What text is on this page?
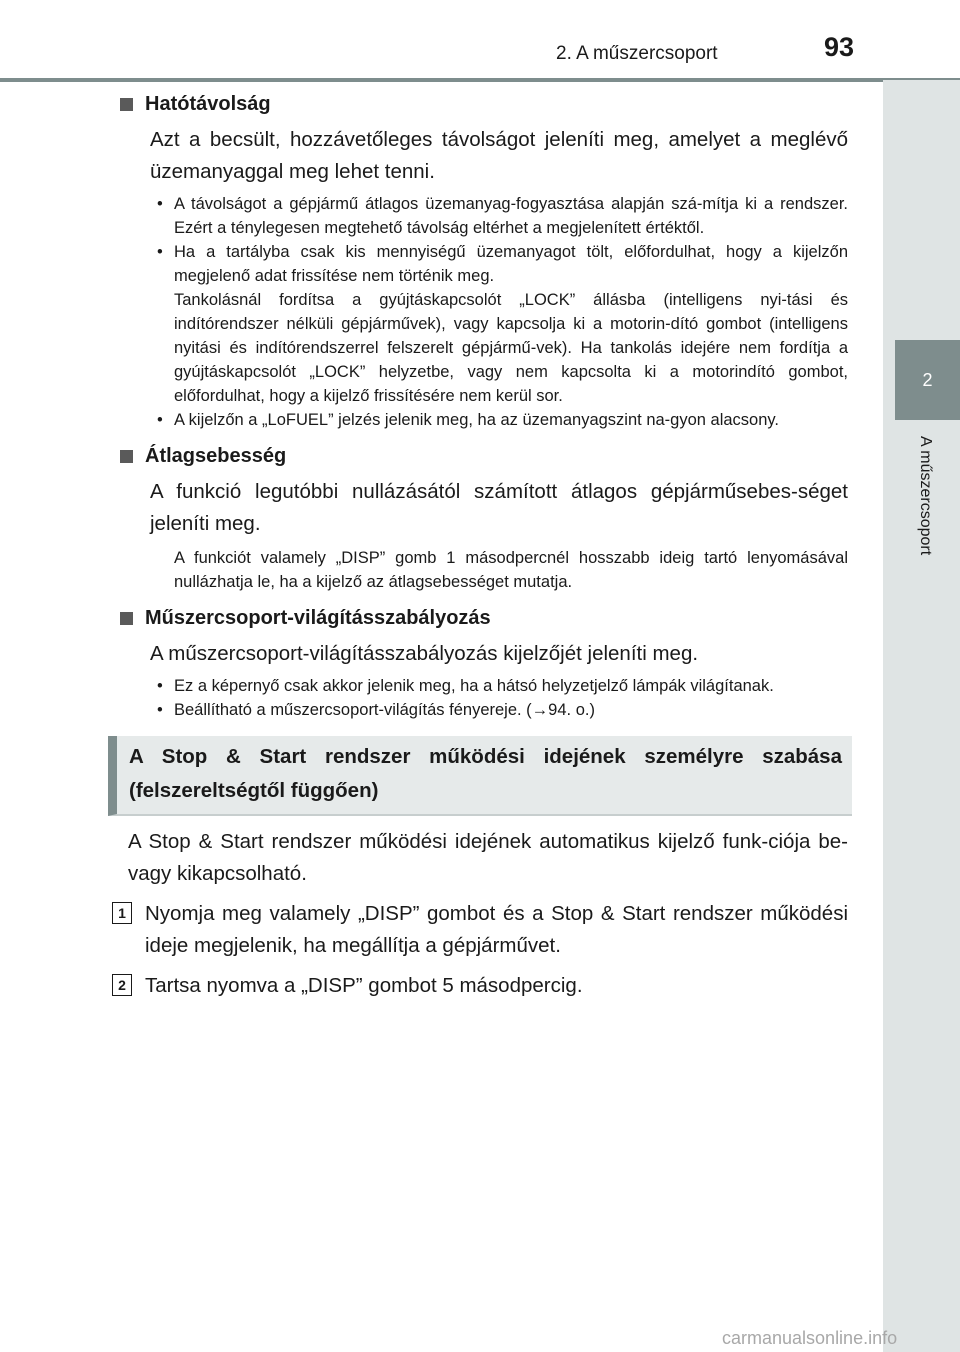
2. A műszercsoport	93
2
A műszercsoport
Hatótávolság

Azt a becsült, hozzávetőleges távolságot jeleníti meg, amelyet a meglévő üzemanyaggal meg lehet tenni.

• A távolságot a gépjármű átlagos üzemanyag-fogyasztása alapján szá-mítja ki a rendszer. Ezért a ténylegesen megtehető távolság eltérhet a megjelenített értéktől.
• Ha a tartályba csak kis mennyiségű üzemanyagot tölt, előfordulhat, hogy a kijelzőn megjelenő adat frissítése nem történik meg.
Tankolásnál fordítsa a gyújtáskapcsolót „LOCK” állásba (intelligens nyi-tási és indítórendszer nélküli gépjárművek), vagy kapcsolja ki a motorin-dító gombot (intelligens nyitási és indítórendszerrel felszerelt gépjármű-vek). Ha tankolás idejére nem fordítja a gyújtáskapcsolót „LOCK” helyzetbe, vagy nem kapcsolta ki a motorindító gombot, előfordulhat, hogy a kijelző frissítésére nem kerül sor.
• A kijelzőn a „LoFUEL” jelzés jelenik meg, ha az üzemanyagszint na-gyon alacsony.
Átlagsebesség

A funkció legutóbbi nullázásától számított átlagos gépjárműsebes-séget jeleníti meg.

A funkciót valamely „DISP” gomb 1 másodpercnél hosszabb ideig tartó lenyomásával nullázhatja le, ha a kijelző az átlagsebességet mutatja.

Műszercsoport-világításszabályozás

A műszercsoport-világításszabályozás kijelzőjét jeleníti meg.

• Ez a képernyő csak akkor jelenik meg, ha a hátsó helyzetjelző lámpák világítanak.
• Beállítható a műszercsoport-világítás fényereje. (→94. o.)
A Stop & Start rendszer működési idejének személyre szabása (felszereltségtől függően)

A Stop & Start rendszer működési idejének automatikus kijelző funk-ciója be- vagy kikapcsolható.

1 Nyomja meg valamely „DISP” gombot és a Stop & Start rendszer működési ideje megjelenik, ha megállítja a gépjárművet.
2 Tartsa nyomva a „DISP” gombot 5 másodpercig.
carmanualsonline.info
